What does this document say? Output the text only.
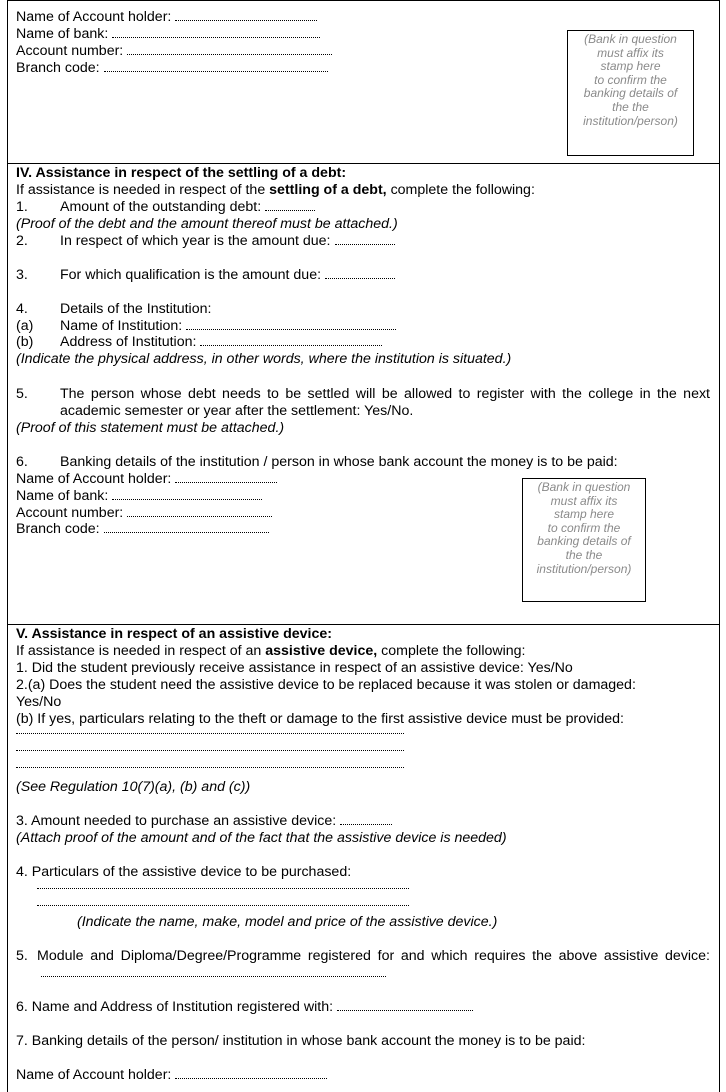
Name of Account holder:
Name of bank:
Account number:
Branch code:
(Bank in question
must affix its
stamp here
to confirm the
banking details of
the the
institution/person)
IV. Assistance in respect of the settling of a debt:
If assistance is needed in respect of the settling of a debt, complete the following:
1. Amount of the outstanding debt:
(Proof of the debt and the amount thereof must be attached.)
2. In respect of which year is the amount due:
3. For which qualification is the amount due:
4. Details of the Institution:
(a) Name of Institution:
(b) Address of Institution:
(Indicate the physical address, in other words, where the institution is situated.)
5. The person whose debt needs to be settled will be allowed to register with the college in the next academic semester or year after the settlement: Yes/No.
(Proof of this statement must be attached.)
6. Banking details of the institution / person in whose bank account the money is to be paid:
Name of Account holder:
Name of bank:
Account number:
Branch code:
(Bank in question
must affix its
stamp here
to confirm the
banking details of
the the
institution/person)
V. Assistance in respect of an assistive device:
If assistance is needed in respect of an assistive device, complete the following:
1. Did the student previously receive assistance in respect of an assistive device: Yes/No
2.(a) Does the student need the assistive device to be replaced because it was stolen or damaged:
Yes/No
(b) If yes, particulars relating to the theft or damage to the first assistive device must be provided:
(See Regulation 10(7)(a), (b) and (c))
3. Amount needed to purchase an assistive device:
(Attach proof of the amount and of the fact that the assistive device is needed)
4. Particulars of the assistive device to be purchased:
(Indicate the name, make, model and price of the assistive device.)
5. Module and Diploma/Degree/Programme registered for and which requires the above assistive device:
6. Name and Address of Institution registered with:
7. Banking details of the person/ institution in whose bank account the money is to be paid:
Name of Account holder:
